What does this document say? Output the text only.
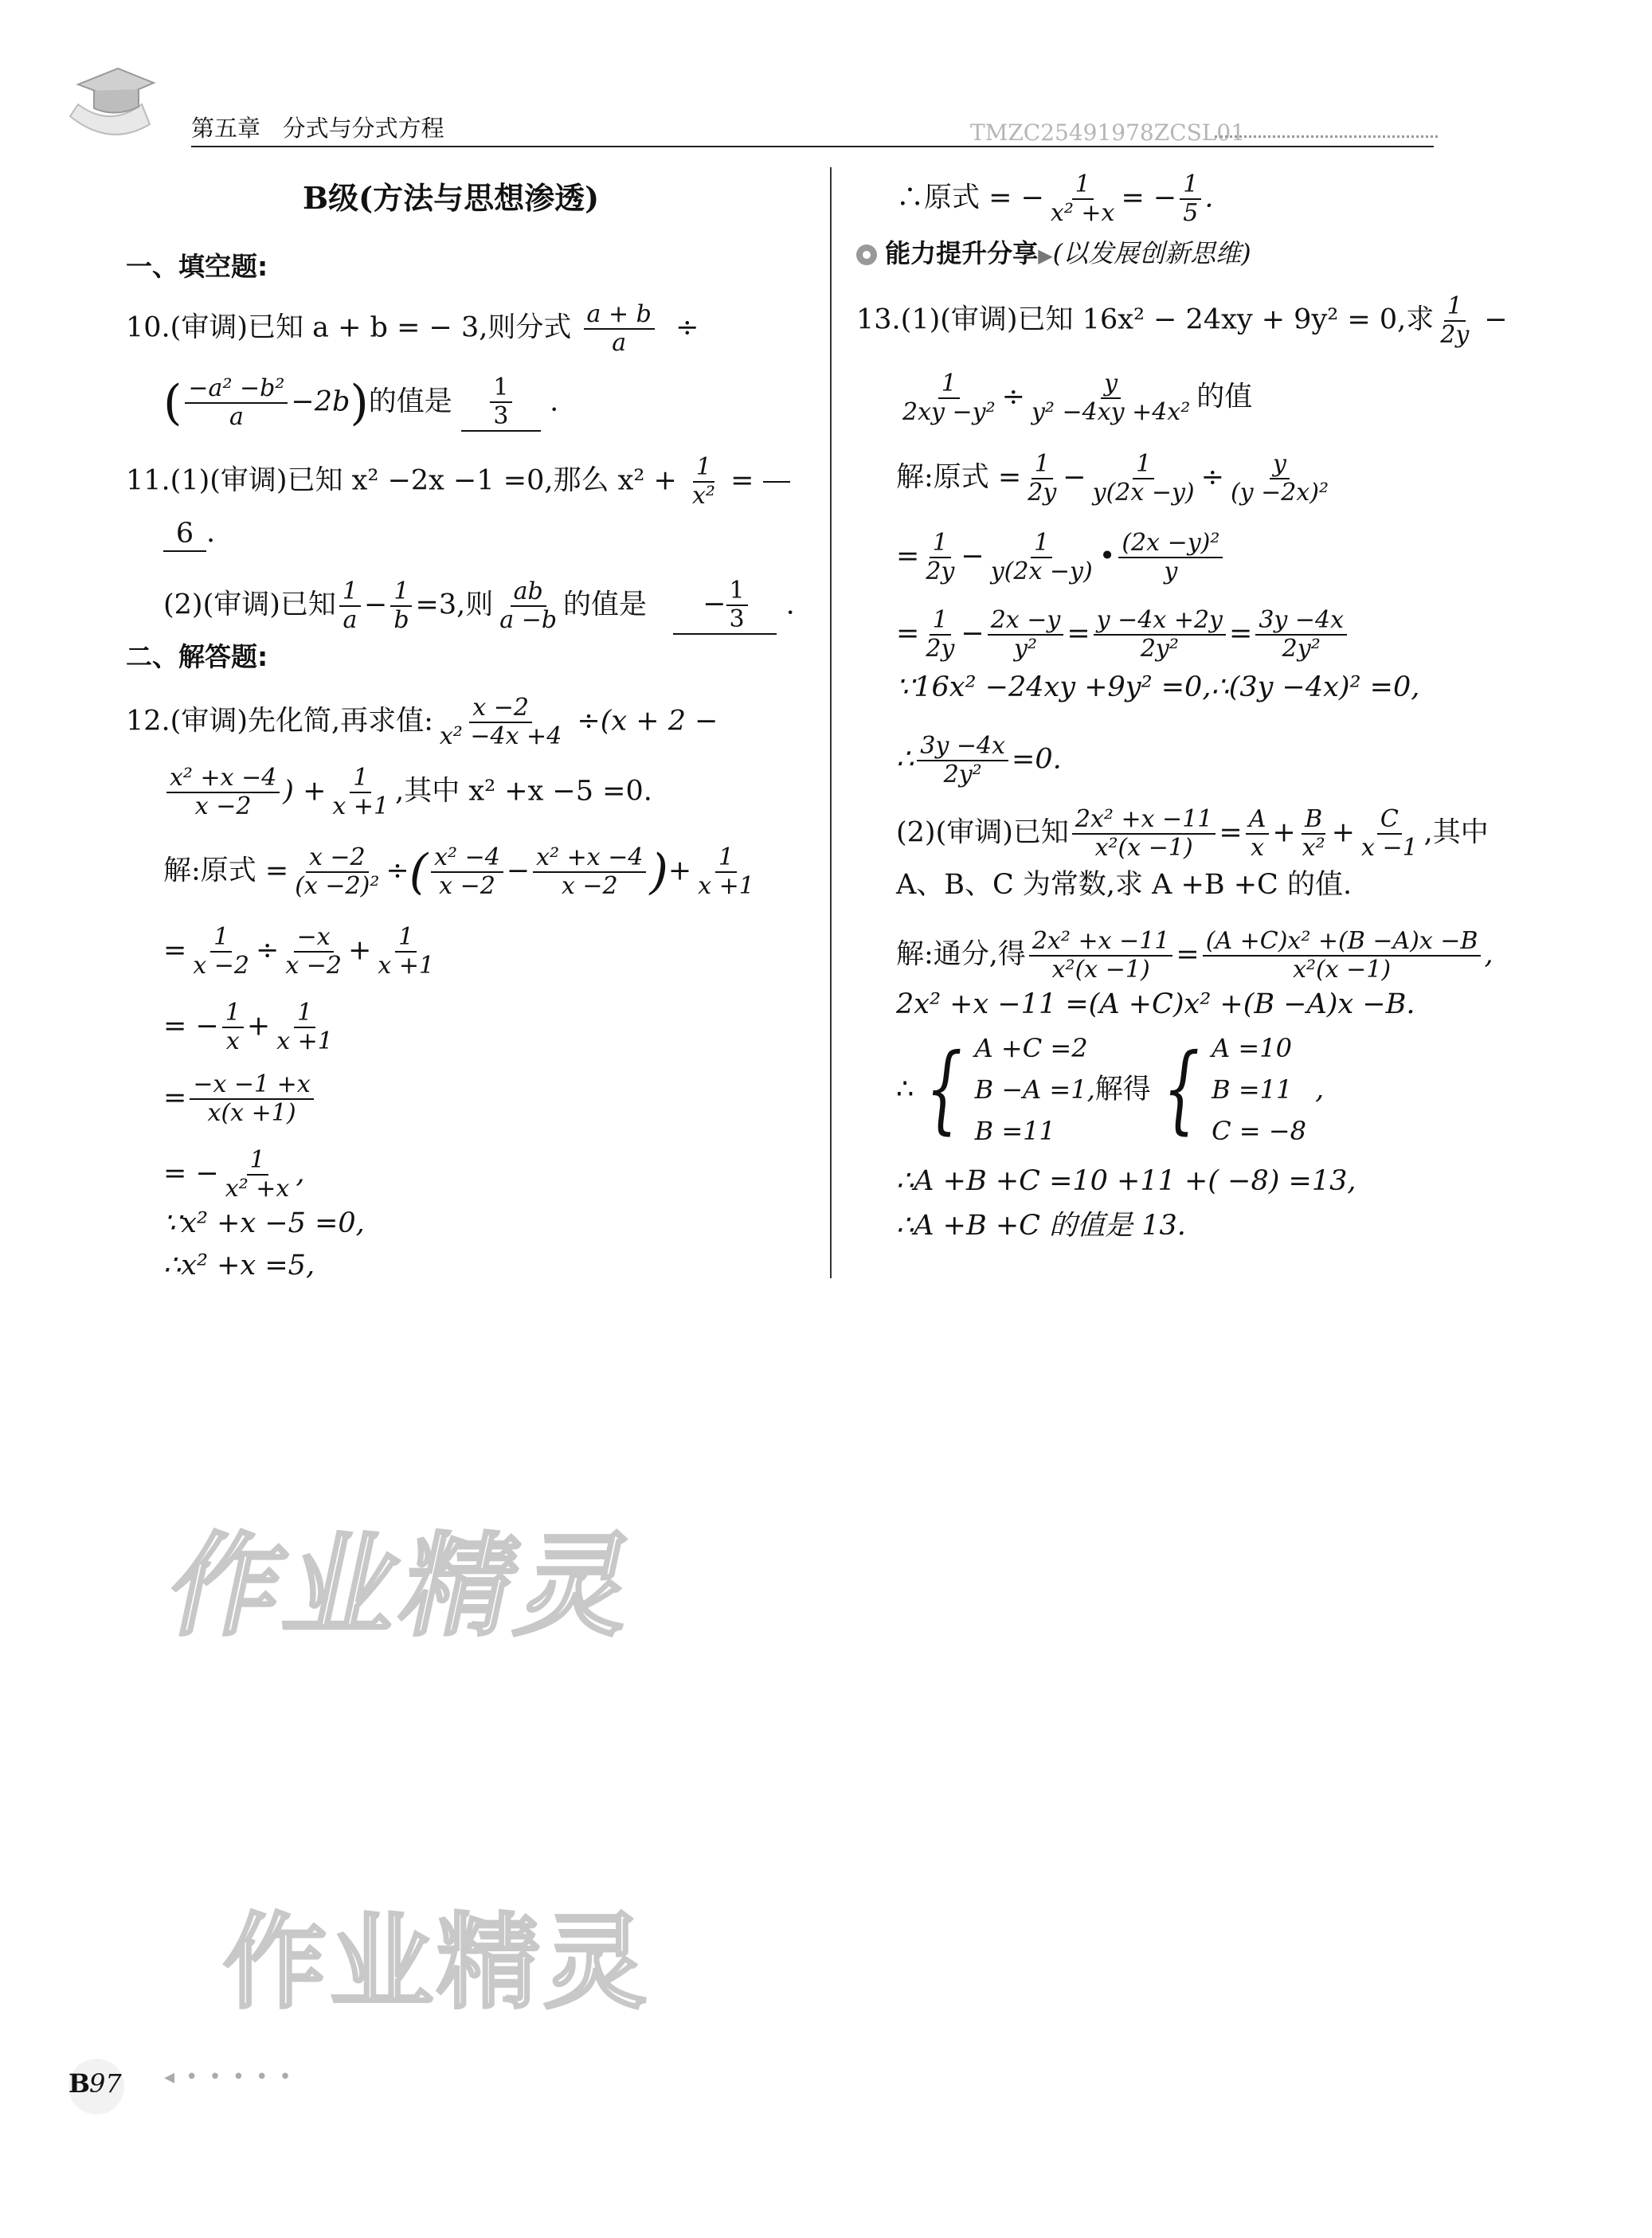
第五章 分式与分式方程	TMZC25491978ZCSL01
B级(方法与思想渗透)
一、填空题:
10.(审调)已知 a + b = − 3,则分式 $\frac{a + b}{a}$ ÷
( $\frac{\text{−a² −b²}}{a} -2b$)的值是 $\frac{1}{3}$ .
11.(1)(审调)已知 x² −2x −1 =0,那么 $x^2 + \frac{1}{\text{x²}}$ =
6 .
(2)(审调)已知 $\frac{1}{a} - \frac{1}{b} =3$,则 $\frac{ab}{a -b}$ 的值是 − $\frac{1}{3}$ .
二、解答题:
12.(审调)先化简,再求值: $\frac{x -2}{\text{x² −4x +4}} \div(x + 2$ −
$\frac{\text{x² +x −4}}{x -2}$ ) + $\frac{1}{x +1}$ ,其中 x² +x −5 =0.
解:原式 = $\frac{x -2}{\text{(x −2)²}}$ ÷( $\frac{\text{x² −4}}{x -2} - \frac{\text{x² +x −4}}{x -2}$ )+ $\frac{1}{x +1}$
= $\frac{1}{x -2} \div \frac{-x}{x -2} + \frac{1}{x +1}$
= − $\frac{1}{x} + \frac{1}{x +1}$
= $\frac{-x -1 +x}{x(x +1)}$
= − $\frac{1}{\text{x² +x}}$ ,
∵x² +x −5 =0,
∴x² +x =5,
∴原式 = − $\frac{1}{\text{x² +x}}$ = − $\frac{1}{5}$ .
能力提升分享▶(以发展创新思维)
13.(1)(审调)已知 16x² − 24xy + 9y² = 0,求 $\frac{1}{2y}$ −
$\frac{1}{\text{2xy −y²}} \div \frac{y}{\text{y² −4xy +4x²}}$ 的值
解:原式 = $\frac{1}{2y} - \frac{1}{y(2x -y)} \div \frac{y}{\text{(y −2x)²}}$
= $\frac{1}{2y} - \frac{1}{y(2x -y)}$ • $\frac{\text{(2x −y)²}}{y}$
= $\frac{1}{2y} - \frac{2x -y}{\text{y²}} = \frac{y -4x +2y}{\text{2y²}} = \frac{3y -4x}{\text{2y²}}$
∵16x² −24xy +9y² =0,∴(3y −4x)² =0,
∴ $\frac{3y -4x}{\text{2y²}} =0$.
(2)(审调)已知 $\frac{\text{2x² +x −11}}{\text{x²(x −1)}} = \frac{A}{x} + \frac{B}{\text{x²}} + \frac{C}{x -1}$ ,其中
A、B、C 为常数,求 A +B +C 的值.
解:通分,得 $\frac{\text{2x² +x −11}}{\text{x²(x −1)}} = \frac{\text{(A +C)x² +(B −A)x −B}}{\text{x²(x −1)}}$ ,
2x² +x −11 =(A +C)x² +(B −A)x −B.
∴ { A +C =2
B −A =1,
B =11
解得 { A =10
B =11
C = −8
,
∴A +B +C =10 +11 +( −8) =13,
∴A +B +C 的值是 13.
作业精灵
作业精灵
B
97 ◂•••••
